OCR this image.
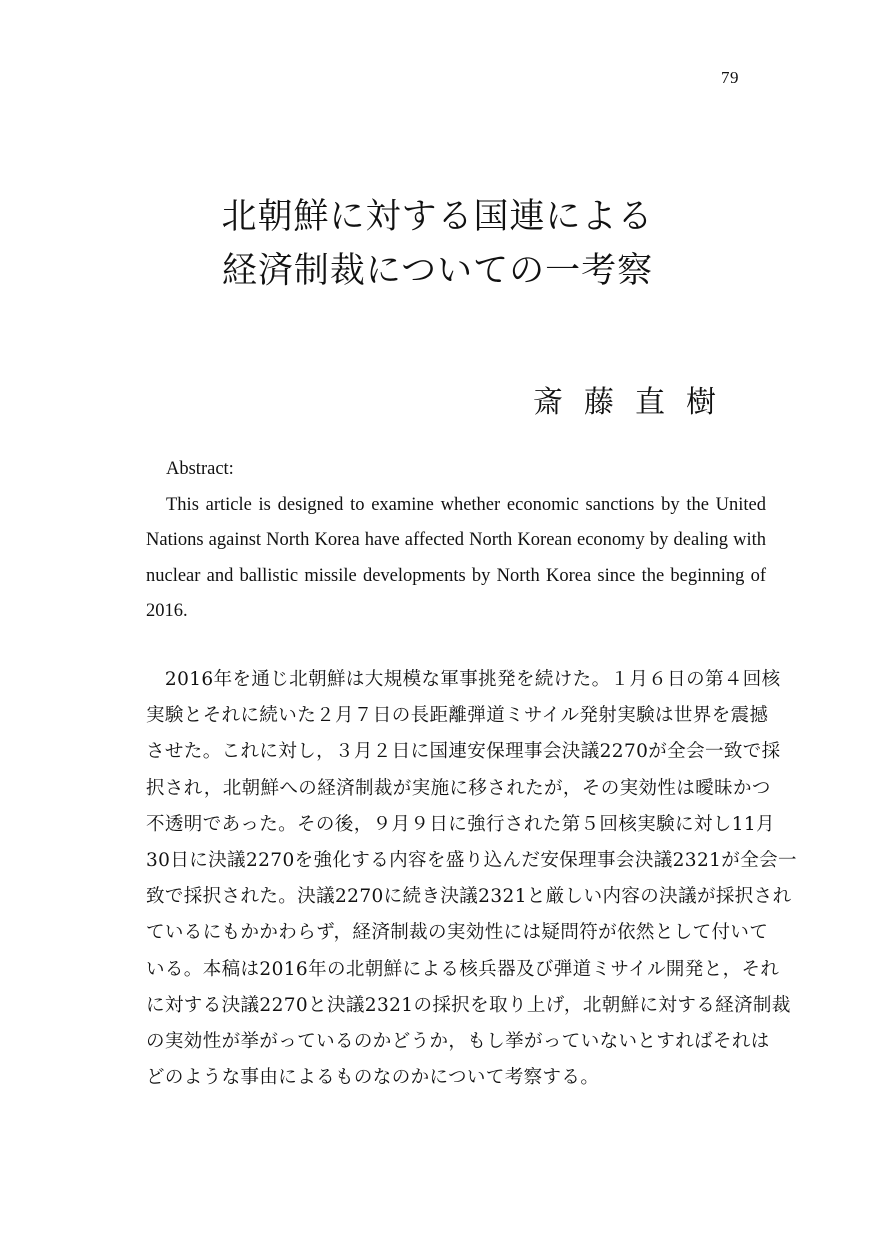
79
北朝鮮に対する国連による
経済制裁についての一考察
斎藤直樹
Abstract:
This article is designed to examine whether economic sanctions by the United Nations against North Korea have affected North Korean economy by dealing with nuclear and ballistic missile developments by North Korea since the beginning of 2016.
　2016年を通じ北朝鮮は大規模な軍事挑発を続けた。１月６日の第４回核
実験とそれに続いた２月７日の長距離弾道ミサイル発射実験は世界を震撼
させた。これに対し，３月２日に国連安保理事会決議2270が全会一致で採
択され，北朝鮮への経済制裁が実施に移されたが，その実効性は曖昧かつ
不透明であった。その後，９月９日に強行された第５回核実験に対し11月
30日に決議2270を強化する内容を盛り込んだ安保理事会決議2321が全会一
致で採択された。決議2270に続き決議2321と厳しい内容の決議が採択され
ているにもかかわらず，経済制裁の実効性には疑問符が依然として付いて
いる。本稿は2016年の北朝鮮による核兵器及び弾道ミサイル開発と，それ
に対する決議2270と決議2321の採択を取り上げ，北朝鮮に対する経済制裁
の実効性が挙がっているのかどうか，もし挙がっていないとすればそれは
どのような事由によるものなのかについて考察する。
